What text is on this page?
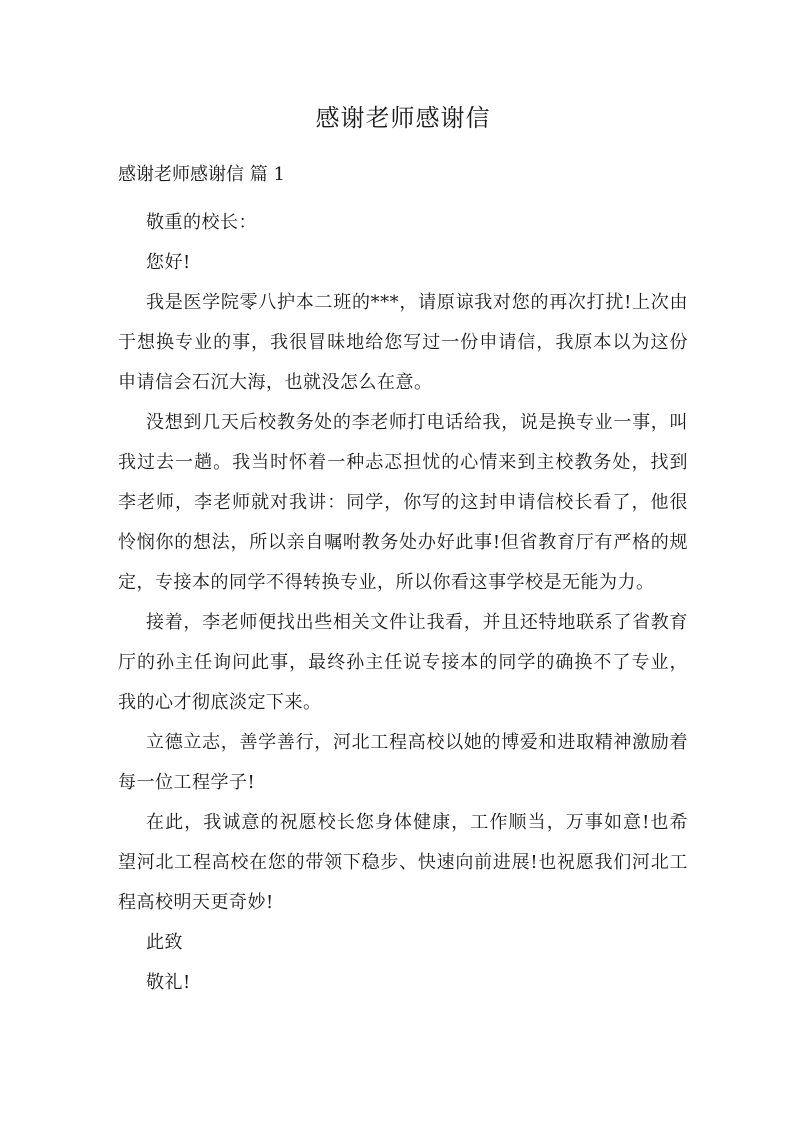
感谢老师感谢信
感谢老师感谢信 篇 1

敬重的校长：

您好!

我是医学院零八护本二班的***，请原谅我对您的再次打扰!上次由于想换专业的事，我很冒昧地给您写过一份申请信，我原本以为这份申请信会石沉大海，也就没怎么在意。

没想到几天后校教务处的李老师打电话给我，说是换专业一事，叫我过去一趟。我当时怀着一种忐忑担忧的心情来到主校教务处，找到李老师，李老师就对我讲：同学，你写的这封申请信校长看了，他很怜悯你的想法，所以亲自嘱咐教务处办好此事!但省教育厅有严格的规定，专接本的同学不得转换专业，所以你看这事学校是无能为力。

接着，李老师便找出些相关文件让我看，并且还特地联系了省教育厅的孙主任询问此事，最终孙主任说专接本的同学的确换不了专业，我的心才彻底淡定下来。

立德立志，善学善行，河北工程高校以她的博爱和进取精神激励着每一位工程学子!

在此，我诚意的祝愿校长您身体健康，工作顺当，万事如意!也希望河北工程高校在您的带领下稳步、快速向前进展!也祝愿我们河北工程高校明天更奇妙!

此致

敬礼!
